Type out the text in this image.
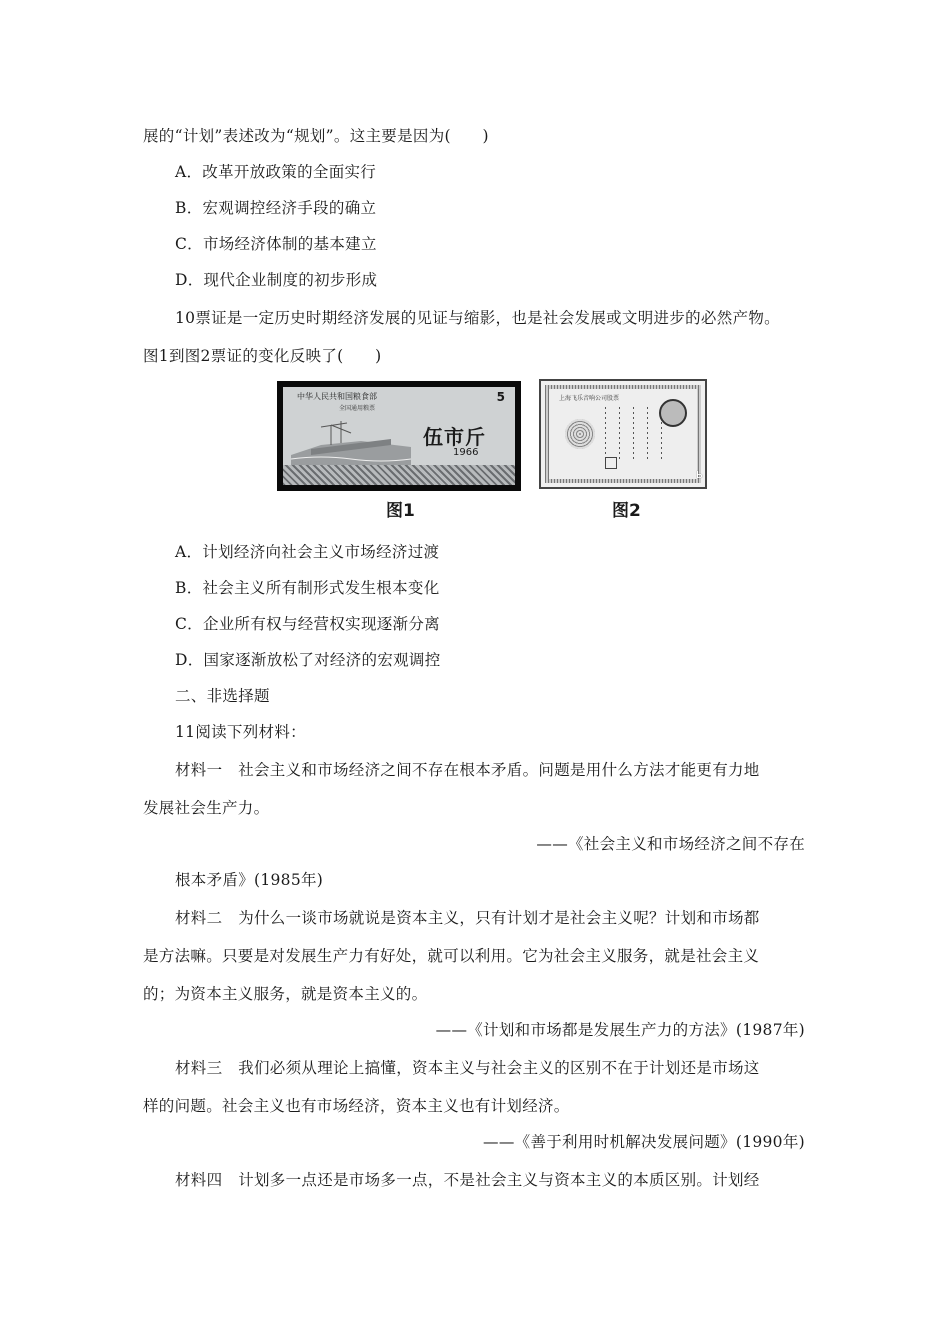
展的“计划”表述改为“规划”。这主要是因为(　　)
A．改革开放政策的全面实行
B．宏观调控经济手段的确立
C．市场经济体制的基本建立
D．现代企业制度的初步形成
10票证是一定历史时期经济发展的见证与缩影，也是社会发展或文明进步的必然产物。
图1到图2票证的变化反映了(　　)
中华人民共和国粮食部
全国通用粮票
5
伍市斤
1966
图1
上海飞乐音响公司股票
ь
图2
A．计划经济向社会主义市场经济过渡
B．社会主义所有制形式发生根本变化
C．企业所有权与经营权实现逐渐分离
D．国家逐渐放松了对经济的宏观调控
二、非选择题
11阅读下列材料：
材料一　社会主义和市场经济之间不存在根本矛盾。问题是用什么方法才能更有力地
发展社会生产力。
——《社会主义和市场经济之间不存在
根本矛盾》(1985年)
材料二　为什么一谈市场就说是资本主义，只有计划才是社会主义呢？计划和市场都
是方法嘛。只要是对发展生产力有好处，就可以利用。它为社会主义服务，就是社会主义
的；为资本主义服务，就是资本主义的。
——《计划和市场都是发展生产力的方法》(1987年)
材料三　我们必须从理论上搞懂，资本主义与社会主义的区别不在于计划还是市场这
样的问题。社会主义也有市场经济，资本主义也有计划经济。
——《善于利用时机解决发展问题》(1990年)
材料四　计划多一点还是市场多一点，不是社会主义与资本主义的本质区别。计划经
